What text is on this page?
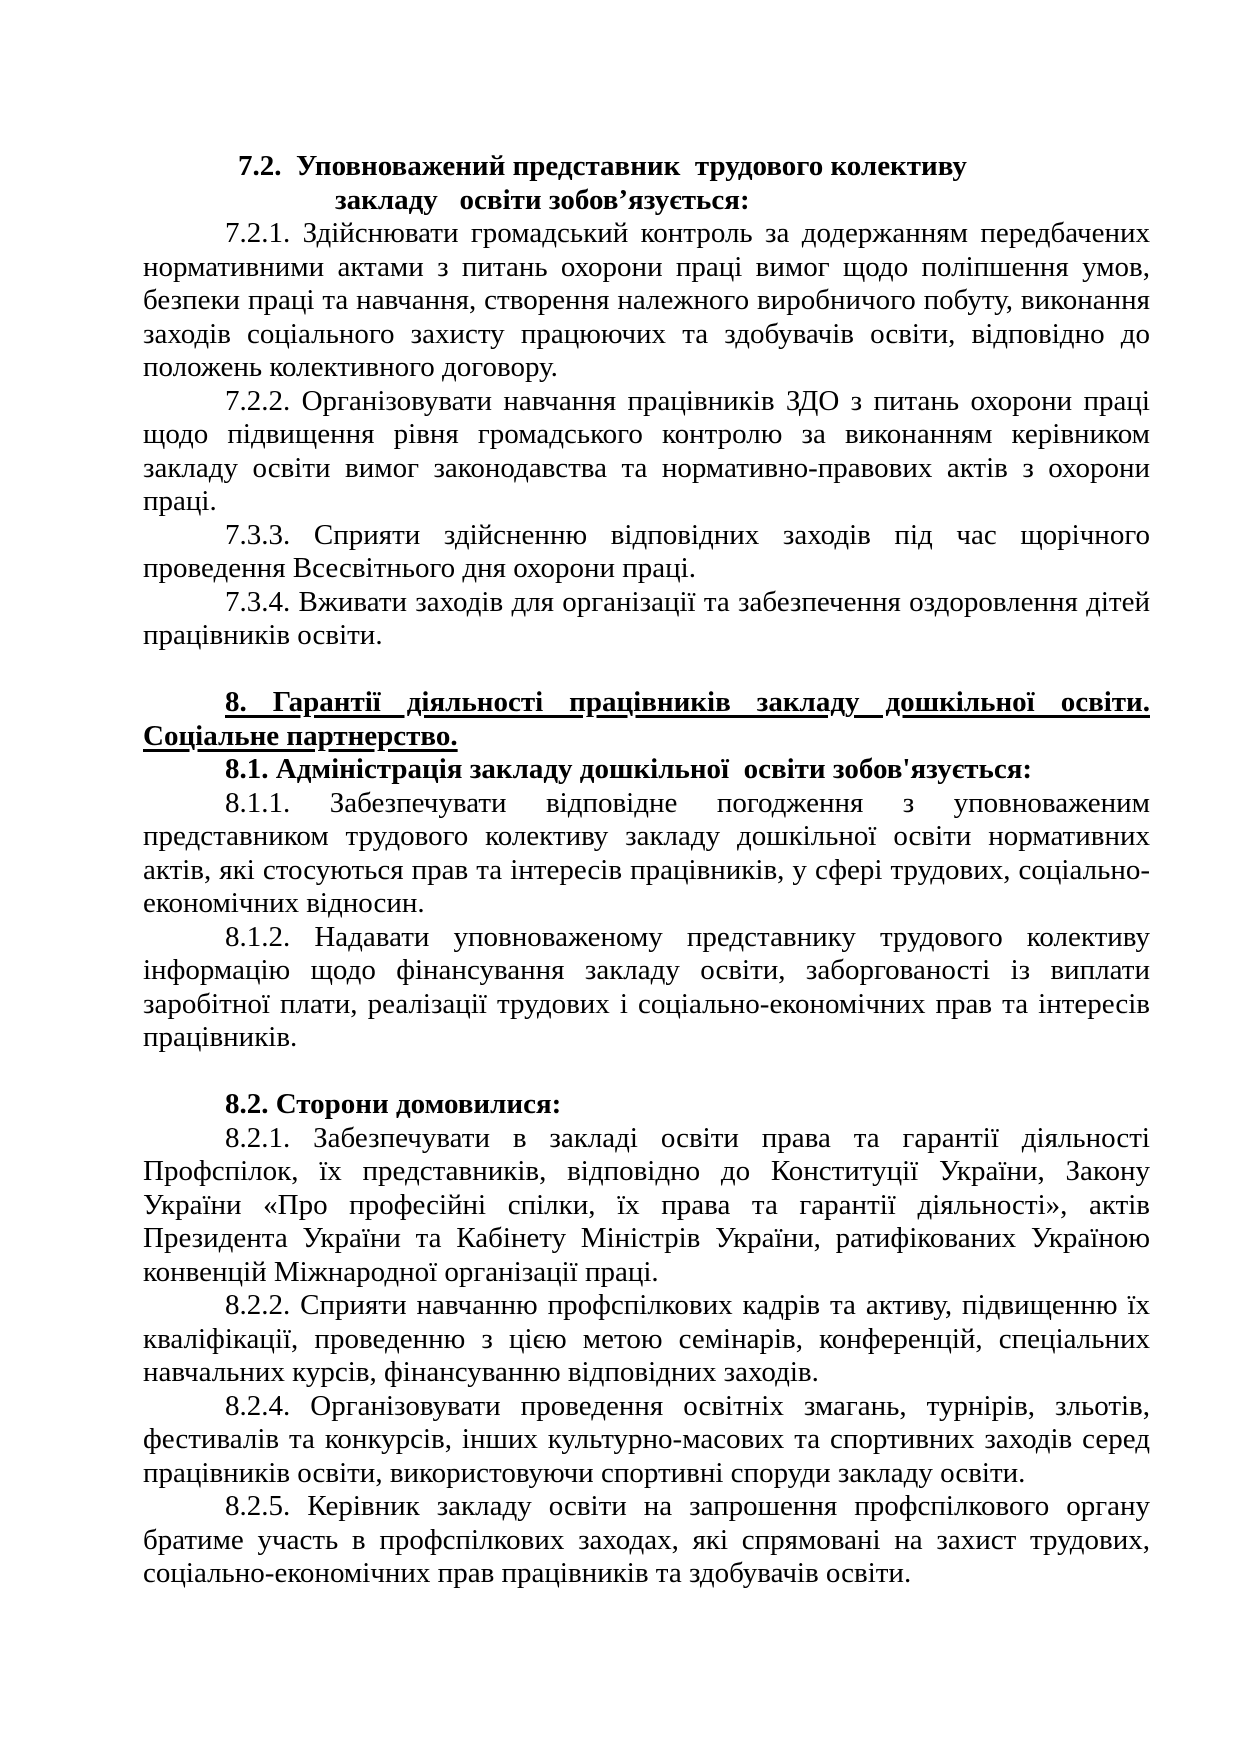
7.2.  Уповноважений представник  трудового колективу
закладу   освіти зобов’язується:

7.2.1. Здійснювати громадський контроль за додержанням передбачених нормативними актами з питань охорони праці вимог щодо поліпшення умов, безпеки праці та навчання, створення належного виробничого побуту, виконання заходів соціального захисту працюючих та здобувачів освіти, відповідно до положень колективного договору.

7.2.2. Організовувати навчання працівників ЗДО з питань охорони праці щодо підвищення рівня громадського контролю за виконанням керівником закладу освіти вимог законодавства та нормативно-правових актів з охорони праці.

7.3.3. Сприяти здійсненню відповідних заходів під час щорічного проведення Всесвітнього дня охорони праці.

7.3.4. Вживати заходів для організації та забезпечення оздоровлення дітей працівників освіти.

8. Гарантії діяльності працівників закладу дошкільної освіти.
Соціальне партнерство.

8.1. Адміністрація закладу дошкільної  освіти зобов'язується:

8.1.1. Забезпечувати відповідне погодження з уповноваженим представником трудового колективу закладу дошкільної освіти нормативних актів, які стосуються прав та інтересів працівників, у сфері трудових, соціально-економічних відносин.

8.1.2. Надавати уповноваженому представнику трудового колективу інформацію щодо фінансування закладу освіти, заборгованості із виплати заробітної плати, реалізації трудових і соціально-економічних прав та інтересів працівників.

8.2. Сторони домовилися:

8.2.1. Забезпечувати в закладі освіти права та гарантії діяльності Профспілок, їх представників, відповідно до Конституції України, Закону України «Про професійні спілки, їх права та гарантії діяльності», актів Президента України та Кабінету Міністрів України, ратифікованих Україною конвенцій Міжнародної організації праці.

8.2.2. Сприяти навчанню профспілкових кадрів та активу, підвищенню їх кваліфікації, проведенню з цією метою семінарів, конференцій, спеціальних навчальних курсів, фінансуванню відповідних заходів.

8.2.4. Організовувати проведення освітніх змагань, турнірів, зльотів, фестивалів та конкурсів, інших культурно-масових та спортивних заходів серед працівників освіти, використовуючи спортивні споруди закладу освіти.

8.2.5. Керівник закладу освіти на запрошення профспілкового органу братиме участь в профспілкових заходах, які спрямовані на захист трудових, соціально-економічних прав працівників та здобувачів освіти.
